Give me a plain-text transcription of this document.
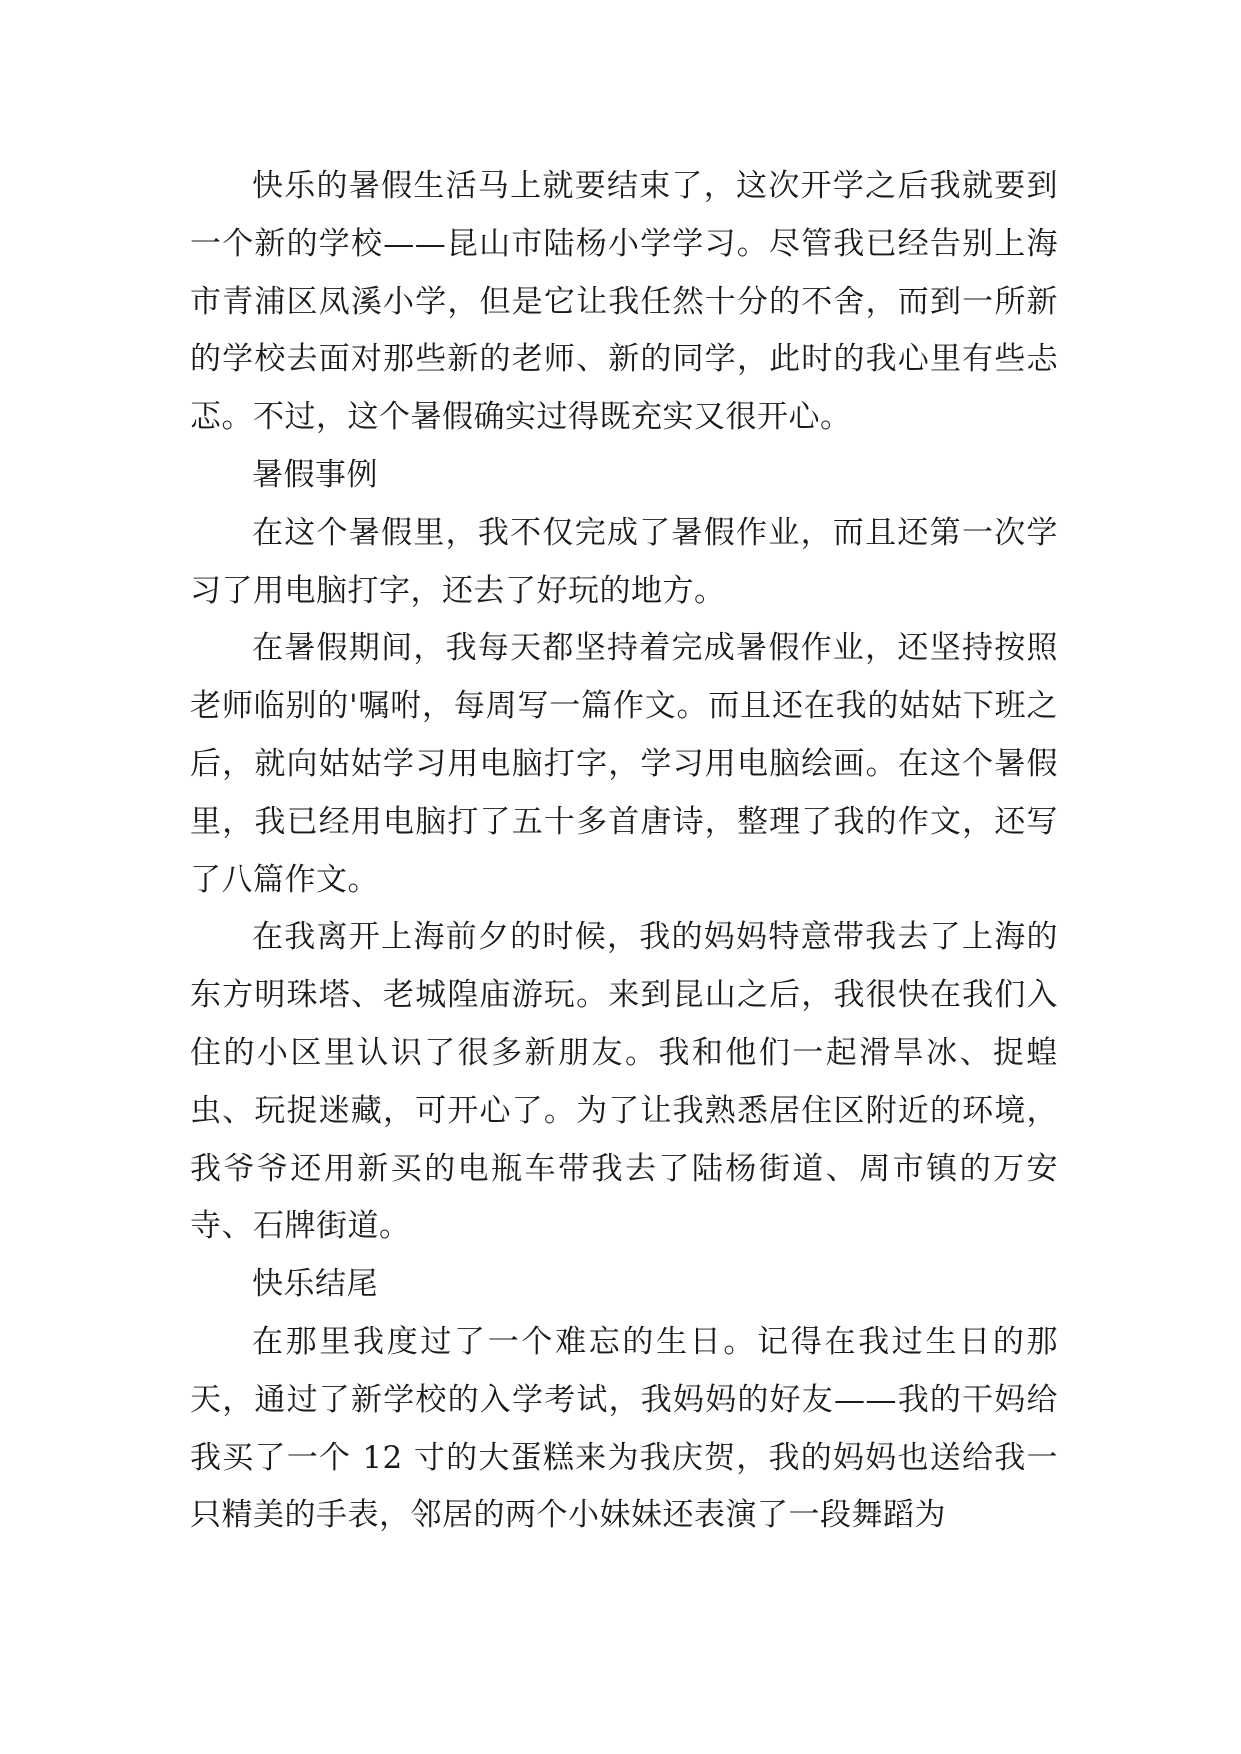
快乐的暑假生活马上就要结束了，这次开学之后我就要到一个新的学校——昆山市陆杨小学学习。尽管我已经告别上海市青浦区凤溪小学，但是它让我任然十分的不舍，而到一所新的学校去面对那些新的老师、新的同学，此时的我心里有些忐忑。不过，这个暑假确实过得既充实又很开心。

暑假事例

在这个暑假里，我不仅完成了暑假作业，而且还第一次学习了用电脑打字，还去了好玩的地方。

在暑假期间，我每天都坚持着完成暑假作业，还坚持按照老师临别的'嘱咐，每周写一篇作文。而且还在我的姑姑下班之后，就向姑姑学习用电脑打字，学习用电脑绘画。在这个暑假里，我已经用电脑打了五十多首唐诗，整理了我的作文，还写了八篇作文。

在我离开上海前夕的时候，我的妈妈特意带我去了上海的东方明珠塔、老城隍庙游玩。来到昆山之后，我很快在我们入住的小区里认识了很多新朋友。我和他们一起滑旱冰、捉蝗虫、玩捉迷藏，可开心了。为了让我熟悉居住区附近的环境，我爷爷还用新买的电瓶车带我去了陆杨街道、周市镇的万安寺、石牌街道。

快乐结尾

在那里我度过了一个难忘的生日。记得在我过生日的那天，通过了新学校的入学考试，我妈妈的好友——我的干妈给我买了一个 12 寸的大蛋糕来为我庆贺，我的妈妈也送给我一只精美的手表，邻居的两个小妹妹还表演了一段舞蹈为
